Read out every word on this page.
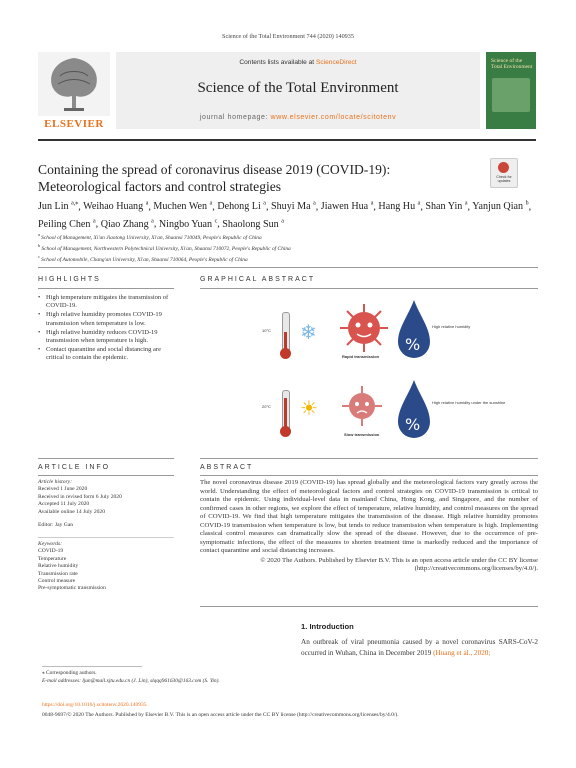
Science of the Total Environment 744 (2020) 140935
ELSEVIER
Contents lists available at ScienceDirect
Science of the Total Environment
journal homepage: www.elsevier.com/locate/scitotenv
Science of the Total Environment
Containing the spread of coronavirus disease 2019 (COVID-19):
Meteorological factors and control strategies
Check for updates
Jun Lin $^{a,⁎}$, Weihao Huang $^a$, Muchen Wen $^a$, Dehong Li $^a$, Shuyi Ma $^a$, Jiawen Hua $^a$, Hang Hu $^a$, Shan Yin $^a$, Yanjun Qian $^b$, Peiling Chen $^a$, Qiao Zhang $^a$, Ningbo Yuan $^c$, Shaolong Sun $^a$
$^a$ School of Management, Xi'an Jiaotong University, Xi'an, Shaanxi 710049, People's Republic of China
$^b$ School of Management, Northwestern Polytechnical University, Xi'an, Shaanxi 710072, People's Republic of China
$^c$ School of Automobile, Chang'an University, Xi'an, Shaanxi 710064, People's Republic of China
HIGHLIGHTS	GRAPHICAL ABSTRACT
• High temperature mitigates the transmission of COVID-19.
• High relative humidity promotes COVID-19 transmission when temperature is low.
• High relative humidity reduces COVID-19 transmission when temperature is high.
• Contact quarantine and social distancing are critical to contain the epidemic.
10°C ❄
Rapid transmission
%
High relative humidity
20°C ☀
Slow transmission
%
High relative humidity under the sunshine
ARTICLE INFO	ABSTRACT
Article history:
Received 1 June 2020
Received in revised form 6 July 2020
Accepted 11 July 2020
Available online 14 July 2020
Editor: Jay Gan
Keywords:
COVID-19
Temperature
Relative humidity
Transmission rate
Control measure
Pre-symptomatic transmission
The novel coronavirus disease 2019 (COVID-19) has spread globally and the meteorological factors vary greatly across the world. Understanding the effect of meteorological factors and control strategies on COVID-19 transmission is critical to contain the epidemic. Using individual-level data in mainland China, Hong Kong, and Singapore, and the number of confirmed cases in other regions, we explore the effect of temperature, relative humidity, and control measures on the spread of COVID-19. We find that high temperature mitigates the transmission of the disease. High relative humidity promotes COVID-19 transmission when temperature is low, but tends to reduce transmission when temperature is high. Implementing classical control measures can dramatically slow the spread of the disease. However, due to the occurrence of pre-symptomatic infections, the effect of the measures to shorten treatment time is markedly reduced and the importance of contact quarantine and social distancing increases.
© 2020 The Authors. Published by Elsevier B.V. This is an open access article under the CC BY license (http://creativecommons.org/licenses/by/4.0/).
1. Introduction
An outbreak of viral pneumonia caused by a novel coronavirus SARS-CoV-2 occurred in Wuhan, China in December 2019 (Huang et al., 2020;
⁎ Corresponding authors.
E-mail addresses: ljun@mail.xjtu.edu.cn (J. Lin), slqqq961630@163.com (S. Yin).
https://doi.org/10.1016/j.scitotenv.2020.140935
0048-9697/© 2020 The Authors. Published by Elsevier B.V. This is an open access article under the CC BY license (http://creativecommons.org/licenses/by/4.0/).
